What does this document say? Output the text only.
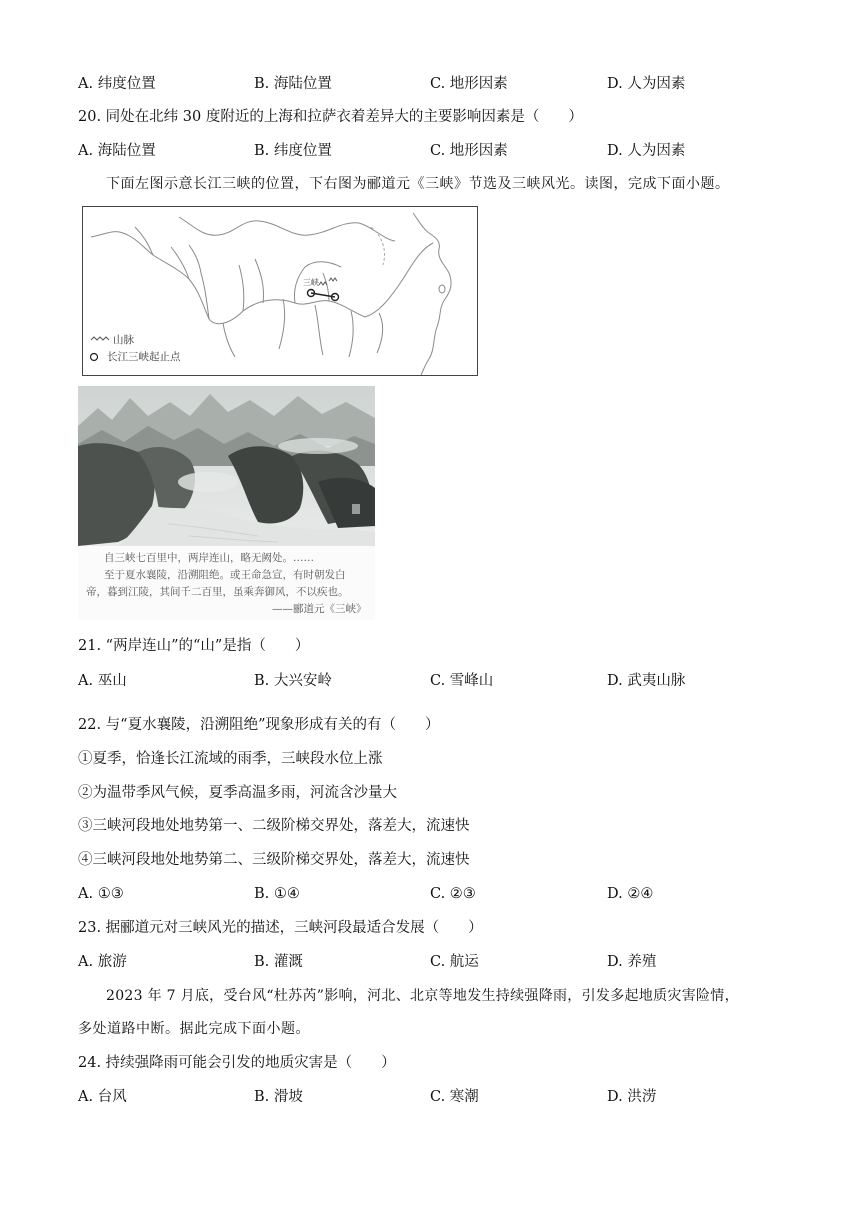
A. 纬度位置	B. 海陆位置	C. 地形因素	D. 人为因素
20. 同处在北纬 30 度附近的上海和拉萨衣着差异大的主要影响因素是（　　）
A. 海陆位置	B. 纬度位置	C. 地形因素	D. 人为因素
下面左图示意长江三峡的位置，下右图为郦道元《三峡》节选及三峡风光。读图，完成下面小题。
三峡
山脉
长江三峡起止点
自三峡七百里中，两岸连山，略无阙处。……
至于夏水襄陵，沿溯阻绝。或王命急宣，有时朝发白
帝，暮到江陵，其间千二百里，虽乘奔御风，不以疾也。
——郦道元《三峡》
21. “两岸连山”的“山”是指（　　）
A. 巫山	B. 大兴安岭	C. 雪峰山	D. 武夷山脉
22. 与“夏水襄陵，沿溯阻绝”现象形成有关的有（　　）
①夏季，恰逢长江流域的雨季，三峡段水位上涨
②为温带季风气候，夏季高温多雨，河流含沙量大
③三峡河段地处地势第一、二级阶梯交界处，落差大，流速快
④三峡河段地处地势第二、三级阶梯交界处，落差大，流速快
A. ①③	B. ①④	C. ②③	D. ②④
23. 据郦道元对三峡风光的描述，三峡河段最适合发展（　　）
A. 旅游	B. 灌溉	C. 航运	D. 养殖
2023 年 7 月底，受台风“杜苏芮”影响，河北、北京等地发生持续强降雨，引发多起地质灾害险情，
多处道路中断。据此完成下面小题。
24. 持续强降雨可能会引发的地质灾害是（　　）
A. 台风	B. 滑坡	C. 寒潮	D. 洪涝
